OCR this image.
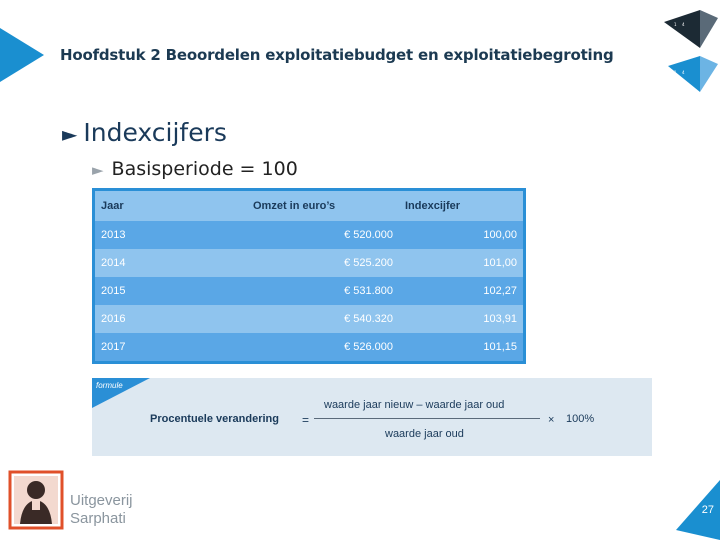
Hoofdstuk 2 Beoordelen exploitatiebudget en exploitatiebegroting
1 4
1 4
► Indexcijfers
► Basisperiode = 100
Jaar	Omzet in euro’s	Indexcijfer
2013	€ 520.000	100,00
2014	€ 525.200	101,00
2015	€ 531.800	102,27
2016	€ 540.320	103,91
2017	€ 526.000	101,15
formule
Procentuele verandering =
waarde jaar nieuw – waarde jaar oud
waarde jaar oud
× 100%
Uitgeverij
Sarphati	27
